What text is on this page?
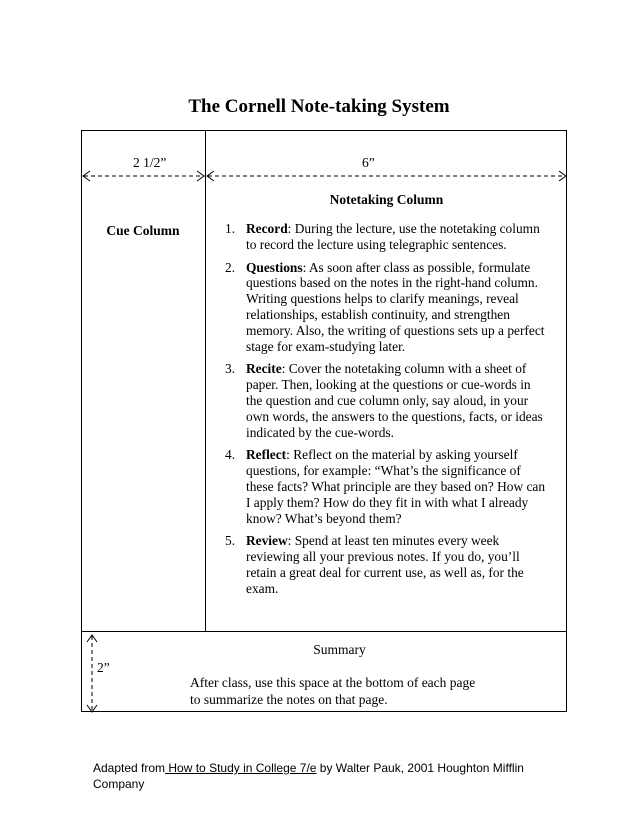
The Cornell Note-taking System
2 1/2”	6”
Notetaking Column
Cue Column	1. Record: During the lecture, use the notetaking column to record the lecture using telegraphic sentences.
2. Questions: As soon after class as possible, formulate questions based on the notes in the right-hand column. Writing questions helps to clarify meanings, reveal relationships, establish continuity, and strengthen memory. Also, the writing of questions sets up a perfect stage for exam-studying later.
3. Recite: Cover the notetaking column with a sheet of paper. Then, looking at the questions or cue-words in the question and cue column only, say aloud, in your own words, the answers to the questions, facts, or ideas indicated by the cue-words.
4. Reflect: Reflect on the material by asking yourself questions, for example: “What’s the significance of these facts? What principle are they based on? How can I apply them? How do they fit in with what I already know? What’s beyond them?
5. Review: Spend at least ten minutes every week reviewing all your previous notes. If you do, you’ll retain a great deal for current use, as well as, for the exam.
Summary
2”
After class, use this space at the bottom of each page
to summarize the notes on that page.
Adapted from How to Study in College 7/e by Walter Pauk, 2001 Houghton Mifflin Company
